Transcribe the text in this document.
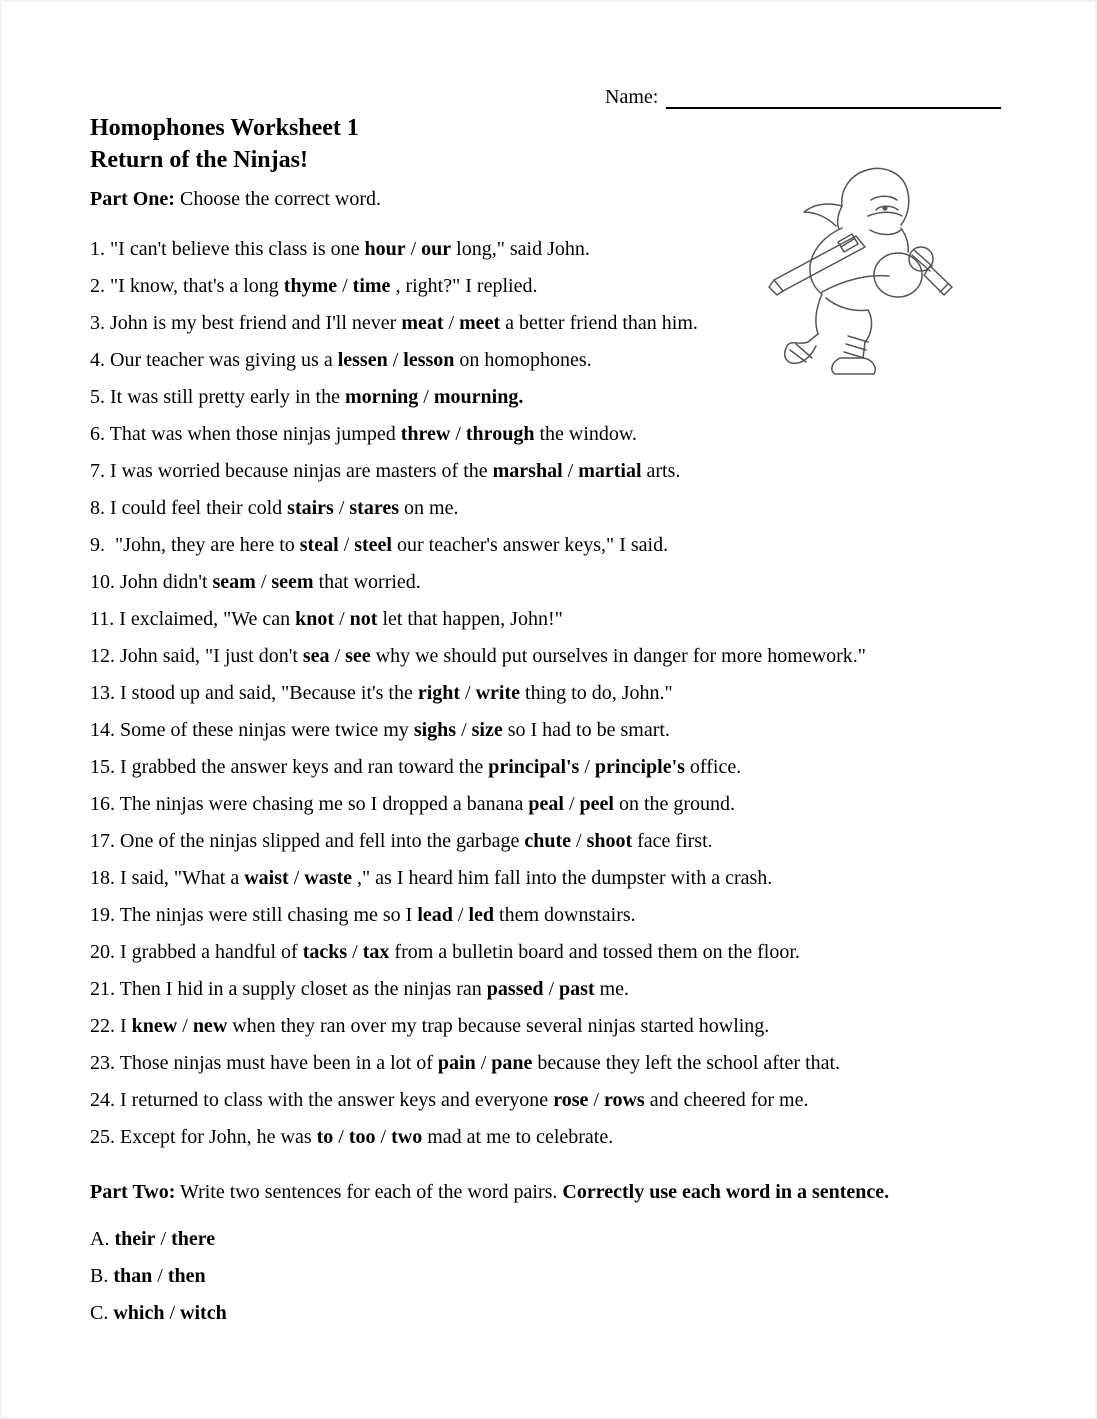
Name:
Homophones Worksheet 1
Return of the Ninjas!
Part One: Choose the correct word.

1. "I can't believe this class is one hour / our long," said John.

2. "I know, that's a long thyme / time , right?" I replied.

3. John is my best friend and I'll never meat / meet a better friend than him.

4. Our teacher was giving us a lessen / lesson on homophones.

5. It was still pretty early in the morning / mourning.

6. That was when those ninjas jumped threw / through the window.

7. I was worried because ninjas are masters of the marshal / martial arts.

8. I could feel their cold stairs / stares on me.

9.  "John, they are here to steal / steel our teacher's answer keys," I said.

10. John didn't seam / seem that worried.

11. I exclaimed, "We can knot / not let that happen, John!"

12. John said, "I just don't sea / see why we should put ourselves in danger for more homework."

13. I stood up and said, "Because it's the right / write thing to do, John."

14. Some of these ninjas were twice my sighs / size so I had to be smart.

15. I grabbed the answer keys and ran toward the principal's / principle's office.

16. The ninjas were chasing me so I dropped a banana peal / peel on the ground.

17. One of the ninjas slipped and fell into the garbage chute / shoot face first.

18. I said, "What a waist / waste ," as I heard him fall into the dumpster with a crash.

19. The ninjas were still chasing me so I lead / led them downstairs.

20. I grabbed a handful of tacks / tax from a bulletin board and tossed them on the floor.

21. Then I hid in a supply closet as the ninjas ran passed / past me.

22. I knew / new when they ran over my trap because several ninjas started howling.

23. Those ninjas must have been in a lot of pain / pane because they left the school after that.

24. I returned to class with the answer keys and everyone rose / rows and cheered for me.

25. Except for John, he was to / too / two mad at me to celebrate.

Part Two: Write two sentences for each of the word pairs. Correctly use each word in a sentence.

A. their / there

B. than / then

C. which / witch
